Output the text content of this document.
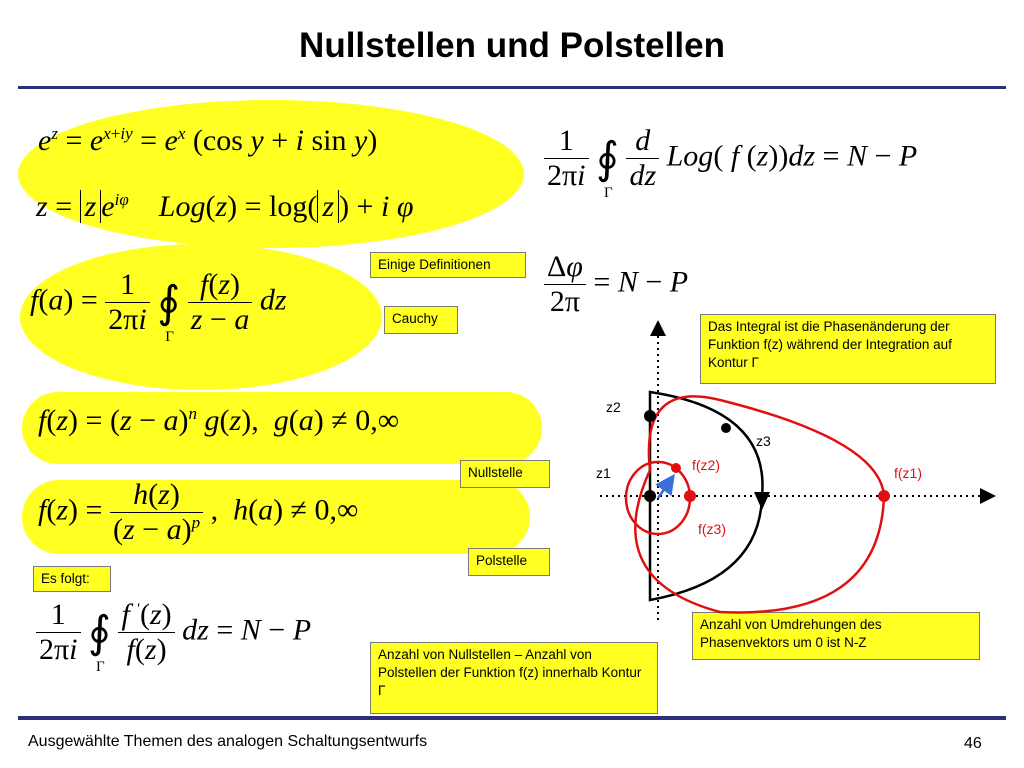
Nullstellen und Polstellen
$e^z = e^{x+iy} = e^x$ (cos y + i sin y)
z = z $e^{i\varphi}$ Log(z) = log( z ) + i φ
$f(a) = \frac{1}{2\pi i}$ ∮
Γ
$\frac{f(z)}{z - a}$ dz
$f(z) = (z - a)^n$ g(z),  g(a) ≠ 0,∞
$f(z) = \frac{h(z)}{(z - a)^p}$ ,  h(a) ≠ 0,∞
$\frac{1}{2\pi i}$ ∮
Γ
$\frac{f '(z)}{f(z)}$ dz = N − P
$\frac{1}{2\pi i}$ ∮
Γ
$\frac{d}{dz} Log$( f (z))dz = N − P
$\frac{\Delta\varphi}{2\pi} = N - P$
Einige Definitionen
Cauchy
Nullstelle
Polstelle
Es folgt:
Anzahl von Nullstellen – Anzahl von Polstellen der Funktion f(z) innerhalb Kontur Γ
Das Integral ist die Phasenänderung der Funktion f(z) während der Integration auf Kontur Γ
Anzahl von Umdrehungen des Phasenvektors um 0 ist N-Z
z2
z3
z1	f(z2)
f(z3)
f(z1)
Ausgewählte Themen des analogen Schaltungsentwurfs	46
